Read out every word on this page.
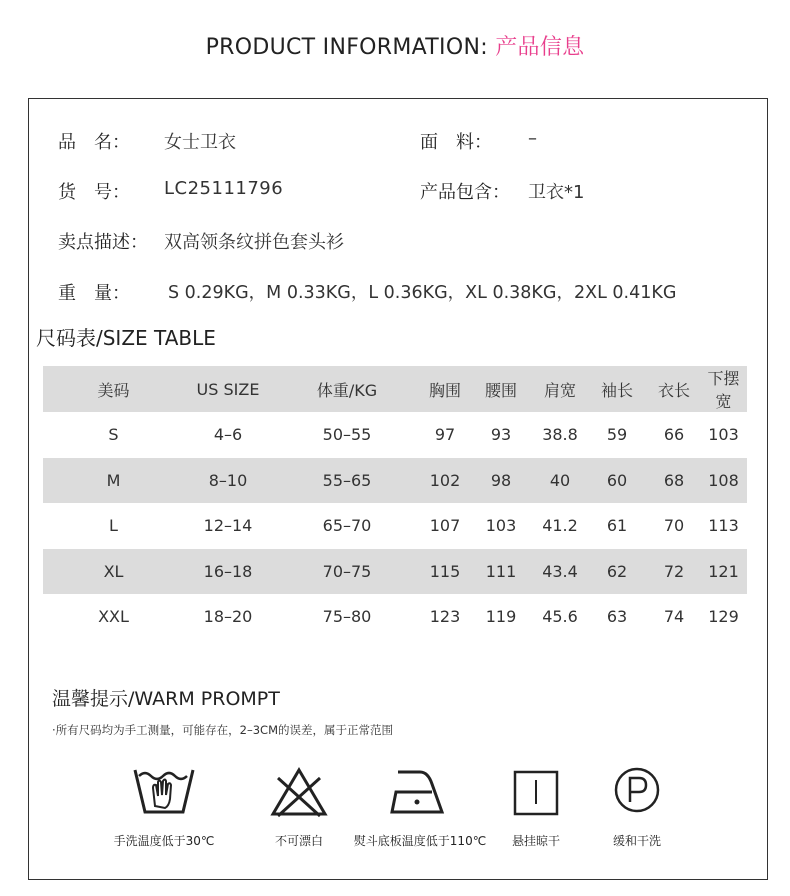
PRODUCT INFORMATION: 产品信息
品　名： 女士卫衣	面　料： –
货　号： LC25111796	产品包含： 卫衣*1
卖点描述： 双高领条纹拼色套头衫
重　量： S 0.29KG，M 0.33KG，L 0.36KG，XL 0.38KG，2XL 0.41KG
尺码表/SIZE TABLE
美码	US SIZE	体重/KG	胸围	腰围	肩宽	袖长	衣长	下摆宽
S	4–6	50–55	97	93	38.8	59	66	103
M	8–10	55–65	102	98	40	60	68	108
L	12–14	65–70	107	103	41.2	61	70	113
XL	16–18	70–75	115	111	43.4	62	72	121
XXL	18–20	75–80	123	119	45.6	63	74	129
温馨提示/WARM PROMPT
·所有尺码均为手工测量，可能存在，2–3CM的误差，属于正常范围
手洗温度低于30℃	不可漂白	熨斗底板温度低于110℃	悬挂晾干	缓和干洗
